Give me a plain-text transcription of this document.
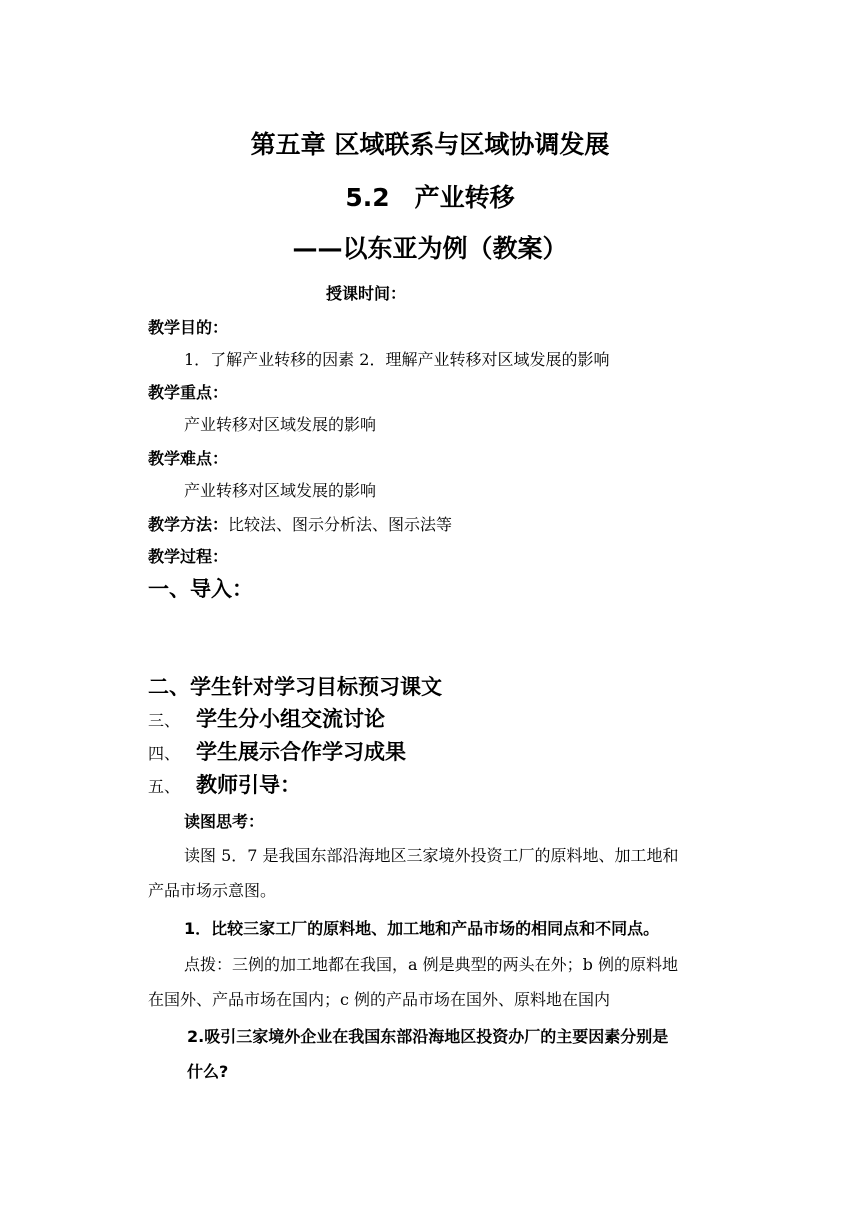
第五章 区域联系与区域协调发展
5.2　产业转移
——以东亚为例（教案）
授课时间：
教学目的：
1．了解产业转移的因素 2．理解产业转移对区域发展的影响
教学重点：
产业转移对区域发展的影响
教学难点：
产业转移对区域发展的影响
教学方法：比较法、图示分析法、图示法等
教学过程：
一、导入：
二、学生针对学习目标预习课文
三、 学生分小组交流讨论
四、 学生展示合作学习成果
五、 教师引导：
读图思考：
读图 5．7 是我国东部沿海地区三家境外投资工厂的原料地、加工地和
产品市场示意图。
1．比较三家工厂的原料地、加工地和产品市场的相同点和不同点。
点拨：三例的加工地都在我国，a 例是典型的两头在外；b 例的原料地
在国外、产品市场在国内；c 例的产品市场在国外、原料地在国内
2.吸引三家境外企业在我国东部沿海地区投资办厂的主要因素分别是
什么?
